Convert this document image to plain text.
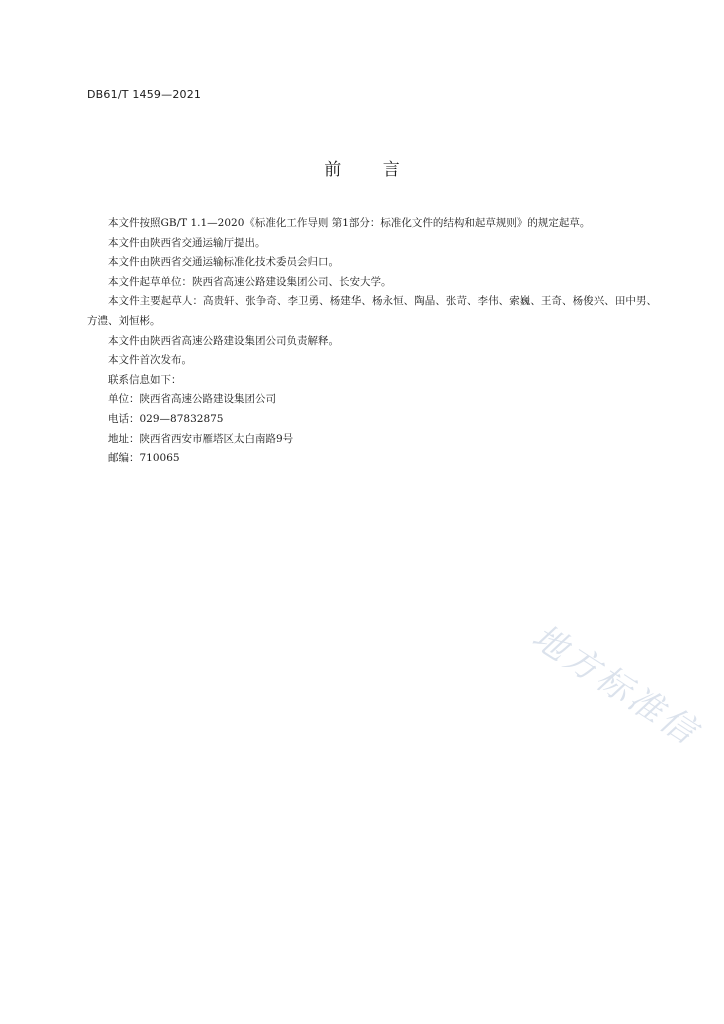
DB61/T 1459—2021
前 言

本文件按照GB/T 1.1—2020《标准化工作导则 第1部分：标准化文件的结构和起草规则》的规定起草。

本文件由陕西省交通运输厅提出。

本文件由陕西省交通运输标准化技术委员会归口。

本文件起草单位：陕西省高速公路建设集团公司、长安大学。

本文件主要起草人：高贵轩、张争奇、李卫勇、杨建华、杨永恒、陶晶、张苛、李伟、索巍、王奇、杨俊兴、田中男、方澧、刘恒彬。

本文件由陕西省高速公路建设集团公司负责解释。

本文件首次发布。

联系信息如下：

单位：陕西省高速公路建设集团公司

电话：029—87832875

地址：陕西省西安市雁塔区太白南路9号

邮编：710065

地方标准信
